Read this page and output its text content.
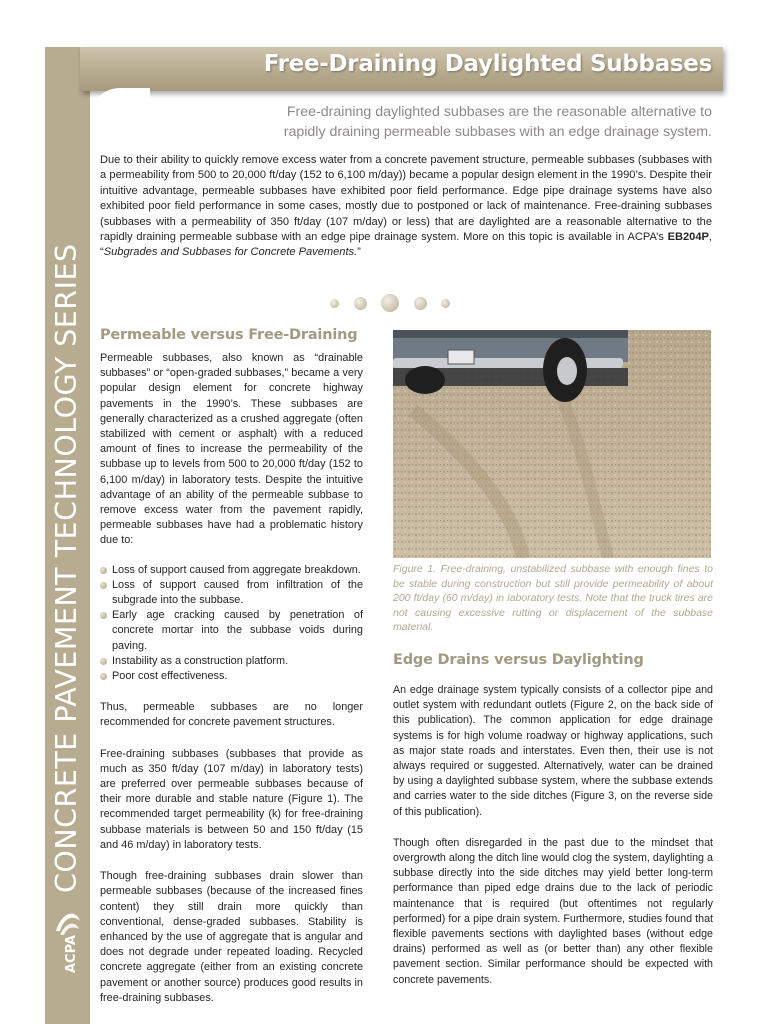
CONCRETE PAVEMENT TECHNOLOGY SERIES
ACPA
Free-Draining Daylighted Subbases
Free-draining daylighted subbases are the reasonable alternative to
rapidly draining permeable subbases with an edge drainage system.

Due to their ability to quickly remove excess water from a concrete pavement structure, permeable subbases (subbases with a permeability from 500 to 20,000 ft/day (152 to 6,100 m/day)) became a popular design element in the 1990’s. Despite their intuitive advantage, permeable subbases have exhibited poor field performance. Edge pipe drainage systems have also exhibited poor field performance in some cases, mostly due to postponed or lack of maintenance. Free-draining subbases (subbases with a permeability of 350 ft/day (107 m/day) or less) that are daylighted are a reasonable alternative to the rapidly draining permeable subbase with an edge pipe drainage system. More on this topic is available in ACPA’s EB204P, “Subgrades and Subbases for Concrete Pavements.”

Permeable versus Free-Draining

Permeable subbases, also known as “drainable subbases” or “open-graded subbases,” became a very popular design element for concrete highway pavements in the 1990’s. These subbases are generally characterized as a crushed aggregate (often stabilized with cement or asphalt) with a reduced amount of fines to increase the permeability of the subbase up to levels from 500 to 20,000 ft/day (152 to 6,100 m/day) in laboratory tests. Despite the intuitive advantage of an ability of the permeable subbase to remove excess water from the pavement rapidly, permeable subbases have had a problematic history due to:

Loss of support caused from aggregate breakdown.
Loss of support caused from infiltration of the subgrade into the subbase.
Early age cracking caused by penetration of concrete mortar into the subbase voids during paving.
Instability as a construction platform.
Poor cost effectiveness.

Thus, permeable subbases are no longer recommended for concrete pavement structures.

Free-draining subbases (subbases that provide as much as 350 ft/day (107 m/day) in laboratory tests) are preferred over permeable subbases because of their more durable and stable nature (Figure 1). The recommended target permeability (k) for free-draining subbase materials is between 50 and 150 ft/day (15 and 46 m/day) in laboratory tests.

Though free-draining subbases drain slower than permeable subbases (because of the increased fines content) they still drain more quickly than conventional, dense-graded subbases. Stability is enhanced by the use of aggregate that is angular and does not degrade under repeated loading. Recycled concrete aggregate (either from an existing concrete pavement or another source) produces good results in free-draining subbases.

Figure 1. Free-draining, unstabilized subbase with enough fines to be stable during construction but still provide permeability of about 200 ft/day (60 m/day) in laboratory tests. Note that the truck tires are not causing excessive rutting or displacement of the subbase material.
Edge Drains versus Daylighting

An edge drainage system typically consists of a collector pipe and outlet system with redundant outlets (Figure 2, on the back side of this publication). The common application for edge drainage systems is for high volume roadway or highway applications, such as major state roads and interstates. Even then, their use is not always required or suggested. Alternatively, water can be drained by using a daylighted subbase system, where the subbase extends and carries water to the side ditches (Figure 3, on the reverse side of this publication).

Though often disregarded in the past due to the mindset that overgrowth along the ditch line would clog the system, daylighting a subbase directly into the side ditches may yield better long-term performance than piped edge drains due to the lack of periodic maintenance that is required (but oftentimes not regularly performed) for a pipe drain system. Furthermore, studies found that flexible pavements sections with daylighted bases (without edge drains) performed as well as (or better than) any other flexible pavement section. Similar performance should be expected with concrete pavements.
